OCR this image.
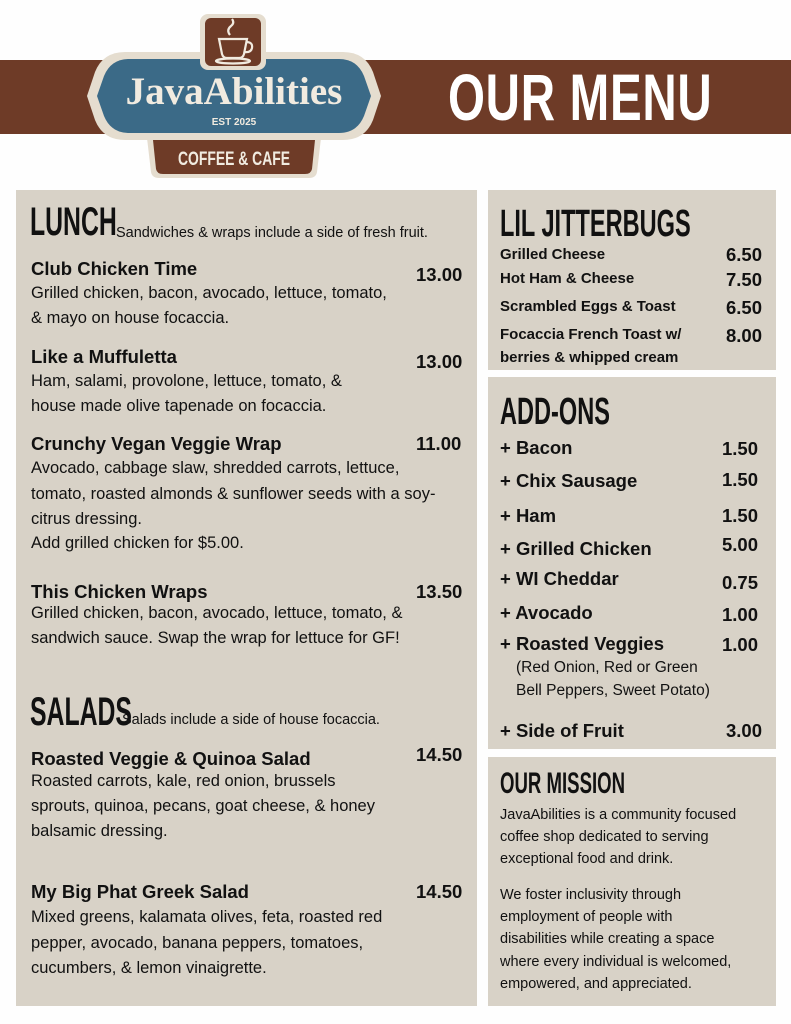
OUR MENU
JavaAbilities
EST 2025
COFFEE & CAFE
LUNCH Sandwiches & wraps include a side of fresh fruit.
Club Chicken Time	13.00
Grilled chicken, bacon, avocado, lettuce, tomato,
& mayo on house focaccia.
Like a Muffuletta	13.00
Ham, salami, provolone, lettuce, tomato, &
house made olive tapenade on focaccia.
Crunchy Vegan Veggie Wrap	11.00
Avocado, cabbage slaw, shredded carrots, lettuce,
tomato, roasted almonds & sunflower seeds with a soy-
citrus dressing.
Add grilled chicken for $5.00.
This Chicken Wraps	13.50
Grilled chicken, bacon, avocado, lettuce, tomato, &
sandwich sauce. Swap the wrap for lettuce for GF!
SALADS
Salads include a side of house focaccia.
Roasted Veggie & Quinoa Salad	14.50
Roasted carrots, kale, red onion, brussels
sprouts, quinoa, pecans, goat cheese, & honey
balsamic dressing.
My Big Phat Greek Salad	14.50
Mixed greens, kalamata olives, feta, roasted red
pepper, avocado, banana peppers, tomatoes,
cucumbers, & lemon vinaigrette.
LIL JITTERBUGS
Grilled Cheese	6.50
Hot Ham & Cheese	7.50
Scrambled Eggs & Toast	6.50
Focaccia French Toast w/
berries & whipped cream
8.00
ADD-ONS
+ Bacon	1.50
+ Chix Sausage	1.50
+ Ham	1.50
+ Grilled Chicken	5.00
+ WI Cheddar	0.75
+ Avocado	1.00
+ Roasted Veggies	1.00
(Red Onion, Red or Green
Bell Peppers, Sweet Potato)
+ Side of Fruit	3.00
OUR MISSION
JavaAbilities is a community focused
coffee shop dedicated to serving
exceptional food and drink.
We foster inclusivity through
employment of people with
disabilities while creating a space
where every individual is welcomed,
empowered, and appreciated.
